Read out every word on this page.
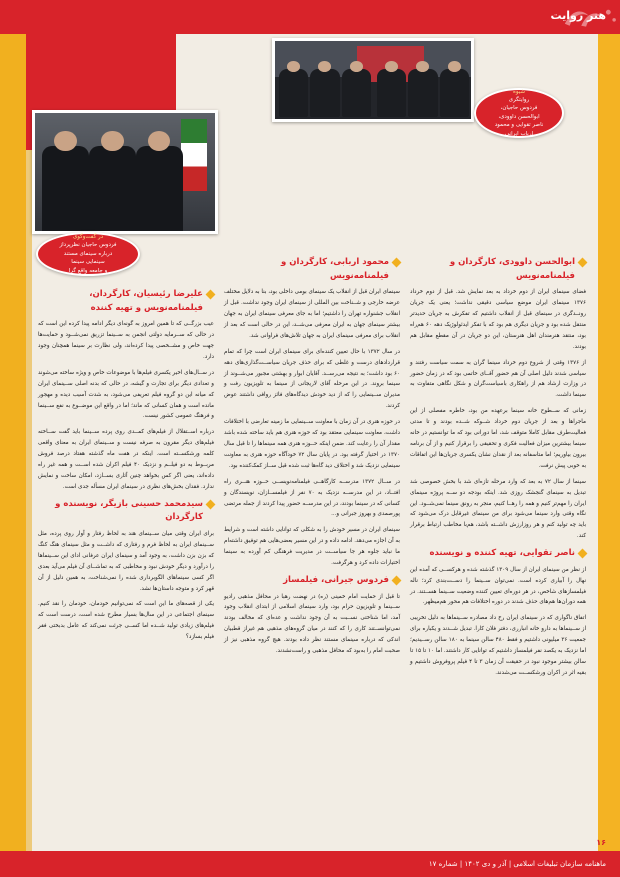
هنر روایت
شیوه
روایتگری
فردوس حاجیان،
ابوالحسن داوودی،
ناصر تقوایی و محمود
ارباب ایرانی
در گفت‌وگوی
فردوس حاجیان نظرپرداز
درباره سینمای مستند
سینمایی سینما
و جامعه واقع گرا
ابوالحسن داوودی، کارگردان و فیلمنامه‌نویس

فضای سینمای ایران از دوم خرداد به بعد نمایش شد. قبل از دوم خرداد ۱۳۷۶ سینمای ایران موضع سیاسی دقیقی نداشت؛ یعنی یک جریان رونــدگری در سینمای قبل از انقلاب داشتیم که تفکرش به جریان حدیدتر منتقل شده بود و جریان دیگری هم بود که با تفکر ایدئولوژیک دهه ۶۰ هم‌راه بود، منتقد هنرمندان اهل هنرستان، این دو جریان در آن مقطع مقابل هم بودند.

از ۱۳۷۶ وقتی از شروع دوم خرداد سینما گران به سمت سیاست رفتند و سیاسی شدند دلیل اصلی آن هم حضور آقــای خاتمی بود که در زمان حضور در وزارت ارشاد هم از راهکاری باسیاست‌گران و شکل نگاهی متفاوت به سینما داشت.

زمانی که ســطوح خانه سینما برعهده من بود، خاطره مفصلی از این ماجراها و بعد از جریان دوم خرداد شــوکه شــده بودند و تا مدتی فعالیت‌طرف مقابل کاملا متوقف شد، اما دورانی بود که ما توانستیم در خانه سینما بیشترین میزان فعالیت فکری و تحقیقی را برقرار کنیم و از آن برنامه بیرون بیاوریم؛ اما متاسفانه بعد از نقدان نشان یکسری جریان‌ها این اتفاقات به خوبی پیش نرفت.

سینما از سال ۷۲ به بعد که وارد مرحله تازه‌ای شد با بخش خصوصی شد تبدیل به سینمای گنجشک روزی شد. اینکه بودجه دو ســه پروژه سینمای ایران را مهم‌تر کنیم و همه را رهــا کنیم، منجر به رونق سینما نمی‌شــود. این نگاه وقتی وارد سینما می‌شود برای من سینمای غیرقابل درک می‌شود که باید چه تولید کنم و هر روزارزش داشــته باشد، هم‌با مخاطب ارتباط برقرار کند.

ناصر تقوایی، تهیه کننده و نویسنده

از نظر من سینمای ایران از سال ۱۳۰۹ گذشته شده و هرکســی که آمده این نهال را آبیاری کرده است. نمی‌توان ســینما را دســت‌بندی کرد؛ ناله فیلمسازهای شاخص، در هر دوره‌ای تعیین کننده وضعیت ســینما هســتند. در همه دوران‌ها هم‌های حذف شدند در دوره اختلافات هم محور هم‌میظهر.

اتفاق ناگواری که در سینمای ایران رخ داد مصادره ســینماها به دلیل تخریبی از ســینماها به دارو خانه انبارری، دفتر فلان کارا. تبدیل شــدند و یکباره برای جمعیت ۳۶ میلیونی داشتیم و فقط ۴۸۰ سالن سینما به ۱۸۰ سالن رســیدیم؛ اما نزدیک به یکصد نفر فیلمساز داشتیم که توانایی کار داشتند. اما ۱۰ تا ۱۵ تا سالن بیشتر موجود نبود در حقیقت آن زمان ۳ تا ۴ فیلم پروفروش داشتیم و بقیه اثر در اکران ورشکســت می‌شدند.

محمود اربابی، کارگردان و فیلمنامه‌نویس

سینمای ایران قبل از انقلاب یک سینمای بومی داخلی بود، بنا به دلایل مختلف عرضه خارجی و شــناخت بین المللی از سینمای ایران وجود نداشت. قبل از انقلاب جشنواره تهران را داشتیم؛ اما به جای معرفی سینمای ایران به جهان بیشتر سینمای جهان به ایران معرفی می‌شــد، این در حالی است که بعد از انقلاب برای معرفی سینمای ایران به جهان تلاش‌های فراوانی شد.

در سال ۱۳۷۲ با حال تعیین کننده‌ای برای سینمای ایران است چرا که تمام قراردادهای درست و غلطی که برای حذف جریان سیاســت‌گذاری‌های دهه ۶۰ بود داشت؛ به نتیجه می‌رســد. آقایان ابوار و بهشتی مجبور می‌شــوند از سینما بروند. در این مرحله آقای لاریجانی از سینما به تلویزیون رفت و مدیران ســینمایی را که از دید خودش دیدگاه‌های فائز روافی داشتند عوض کردند.

در حوزه هنری در آن زمان با معاونت ســینمایی ما زمینه تعارضی با اختلافات داشت، معاونت سینمایی معتقد بود که حوزه هنری هم باید ساخته شده باشد مقدار آن را رعایت کند. ضمن اینکه حــوزه هنری همه سینماها را تا قبل سال ۱۳۷۰ در اختیار گرفته بود. در پایان سال ۷۲ خودآگاه حوزه هنری به معاونت سینمایی نزدیک شد و اختلاف دید گاه‌ها ثبت شده قبل ســاز کمک‌کننده بود.

در ســال ۱۳۷۲ مدرســه کارگاهــی فیلمنامه‌نویســی حــوزه هنــری راه افتــاد، در این مدرســه نزدیک به ۷۰ نفر از فیلمســازان، نویسندگان و کسانی که در سینما بودند، در این مدرســه حضور پیدا کردند از جمله مرتضی پورصمدی و بهروز جبرانی و...

سینمای ایران در مسیر خودش را به شکلی که توانایی داشته است و شرایط به آن اجازه می‌دهد. ادامه داده و در این مسیر بعضی‌هایی هم توفیق داشته‌ام ما نباید جلوه هر جا سیاســت در مدیریت فرهنگی کم آورده به سینما اختیارات داده کرد و هرگرفت.

فردوس جیرانی، فیلمساز

تا قبل از حمایت امام خمینی (ره) در نهضت رهبا در محافل مذهبی رادیو ســینما و تلویزیون حرام بود، وارد سینمای اسلامی از ابتدای انقلاب وجود آمد، اما شناختی نســبت به آن وجود نداشت و عده‌ای که مخالف بودند نمی‌توانســتند کاری را که کنند در میان گروه‌های مذهبی هم غیراز قطبیان اندکی که درباره سینمای مستند نظر داده بودند. هیچ گروه مذهبی نیز از صحبت امام را به‌بود که محافل مذهبی و راست‌نشدند.

علیرضا رئیسیان، کارگردان، فیلمنامه‌نویس و تهیه کننده

عیب بزرگــی که تا همین امروز به گونه‌ای دیگر ادامه پیدا کرده این است که در حالی که ســرمایه دولتی انجمن به ســینما تزریق نمی‌شــود و حمایت‌ها جهت خاص و مشــخصی پیدا کرده‌اند، ولی نظارت بر سینما همچنان وجود دارد.

در ســال‌های اخیر یکسری فیلم‌ها با موضوعات خاص و ویژه ساخته می‌شوند و تعدادی دیگر برای تجارت و گیشه، در حالی که بدنه اصلی ســینمای ایران که میانه این دو گروه فیلم تعریفی می‌شود، به شدت آسیب دیده و مهجور مانده است و همان کسانی که ماند؛ اما در واقع این موضــوع به نفع ســینما و فرهنگ عمومی کشور نیست.

درباره اســتقلال از فیلم‌های کمــدی روی پرده ســینما باید گفت ســاخته فیلم‌های دیگر مقرون به صرفه نیست و ســینمای ایران به معنای واقعی کلمه ورشکســته است. اینکه در هفت ماه گذشته هفتاد درصد فروش مربــوط به دو فیلــم و نزدیک ۴۰ فیلم اکران شده اســت و همه غیر راه داده‌اند، یعنی اگر کس بخواهد چنین آثاری بســازد، امکان ساخت و نمایش ندارد. فقدان بخش‌های نظری در سینمای ایران مسأله جدی است.

سیدمحمد حسینی بازیگر، نویسنده و کارگردان

برای ایران وقتی میان ســینمای هند به لحاظ رفتار و آوار روی پرده، مثل ســینمای ایران به لحاظ فرم و رفتاری که داشــت و مثل سینمای هنگ کنگ که بزن بزن داشت، به وجود آمد و سینمای ایران عرفانی ادای این ســینماها را درآورد و دیگر خودش نبود و مخاطبی که به تماشــای آن فیلم می‌آید بعدی اگر کسی سینماهای الگوبرداری شده را نمی‌شناخت، به همین دلیل از آن قهر کرد و متوجه داستان‌ها نشد.

یکی از قصه‌های ما این است که نمی‌توانیم خودمان، خودمان را نقد کنیم. سینمای اجتماعی در این سال‌ها بسیار مطرح شده است، درست است که فیلم‌های زیادی تولید شــده اما کســی جرئت نمی‌کند که عامل بدبختی فقر فیلم بسازد؟

۱۶
ماهنامه سازمان تبلیغات اسلامی | آذر و دی ۱۴۰۲ | شماره ۱۷
